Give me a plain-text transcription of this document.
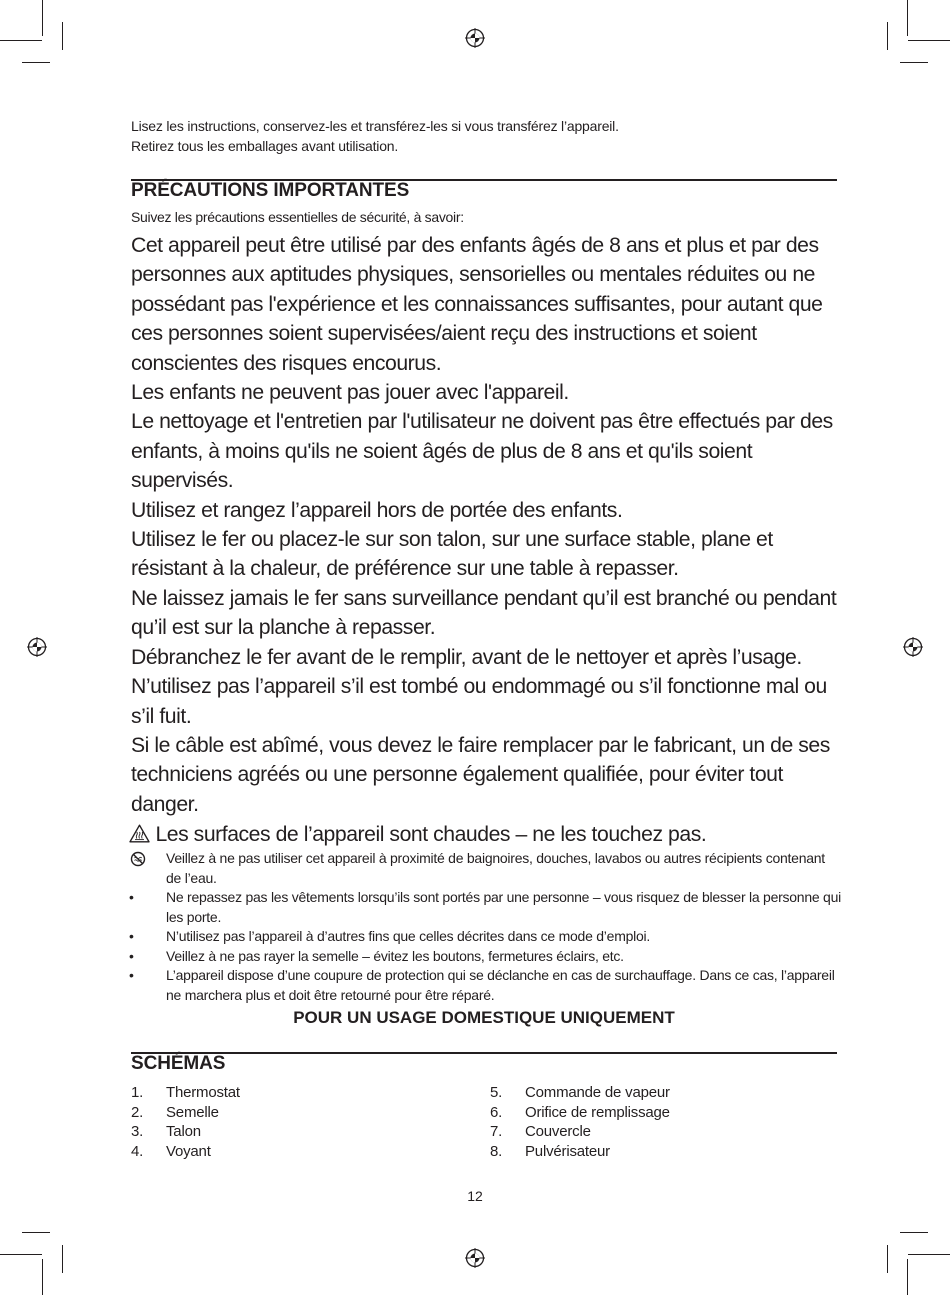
Lisez les instructions, conservez-les et transférez-les si vous transférez l’appareil.
Retirez tous les emballages avant utilisation.
PRÉCAUTIONS IMPORTANTES
Suivez les précautions essentielles de sécurité, à savoir:

Cet appareil peut être utilisé par des enfants âgés de 8 ans et plus et par des personnes aux aptitudes physiques, sensorielles ou mentales réduites ou ne possédant pas l'expérience et les connaissances suffisantes, pour autant que ces personnes soient supervisées/aient reçu des instructions et soient conscientes des risques encourus.

Les enfants ne peuvent pas jouer avec l'appareil.

Le nettoyage et l'entretien par l'utilisateur ne doivent pas être effectués par des enfants, à moins qu'ils ne soient âgés de plus de 8 ans et qu'ils soient supervisés.

Utilisez et rangez l’appareil hors de portée des enfants.

Utilisez le fer ou placez-le sur son talon, sur une surface stable, plane et résistant à la chaleur, de préférence sur une table à repasser.

Ne laissez jamais le fer sans surveillance pendant qu’il est branché ou pendant qu’il est sur la planche à repasser.

Débranchez le fer avant de le remplir, avant de le nettoyer et après l’usage.

N’utilisez pas l’appareil s’il est tombé ou endommagé ou s’il fonctionne mal ou s’il fuit.

Si le câble est abîmé, vous devez le faire remplacer par le fabricant, un de ses techniciens agréés ou une personne également qualifiée, pour éviter tout danger.

Les surfaces de l’appareil sont chaudes – ne les touchez pas.
Veillez à ne pas utiliser cet appareil à proximité de baignoires, douches, lavabos ou autres récipients contenant de l’eau.
•	Ne repassez pas les vêtements lorsqu’ils sont portés par une personne – vous risquez de blesser la personne qui les porte.
•	N’utilisez pas l’appareil à d’autres fins que celles décrites dans ce mode d’emploi.
•	Veillez à ne pas rayer la semelle – évitez les boutons, fermetures éclairs, etc.
•	L’appareil dispose d’une coupure de protection qui se déclanche en cas de surchauffage. Dans ce cas, l’appareil ne marchera plus et doit être retourné pour être réparé.
POUR UN USAGE DOMESTIQUE UNIQUEMENT
SCHÉMAS
1.	Thermostat
2.	Semelle
3.	Talon
4.	Voyant
5.	Commande de vapeur
6.	Orifice de remplissage
7.	Couvercle
8.	Pulvérisateur
12
